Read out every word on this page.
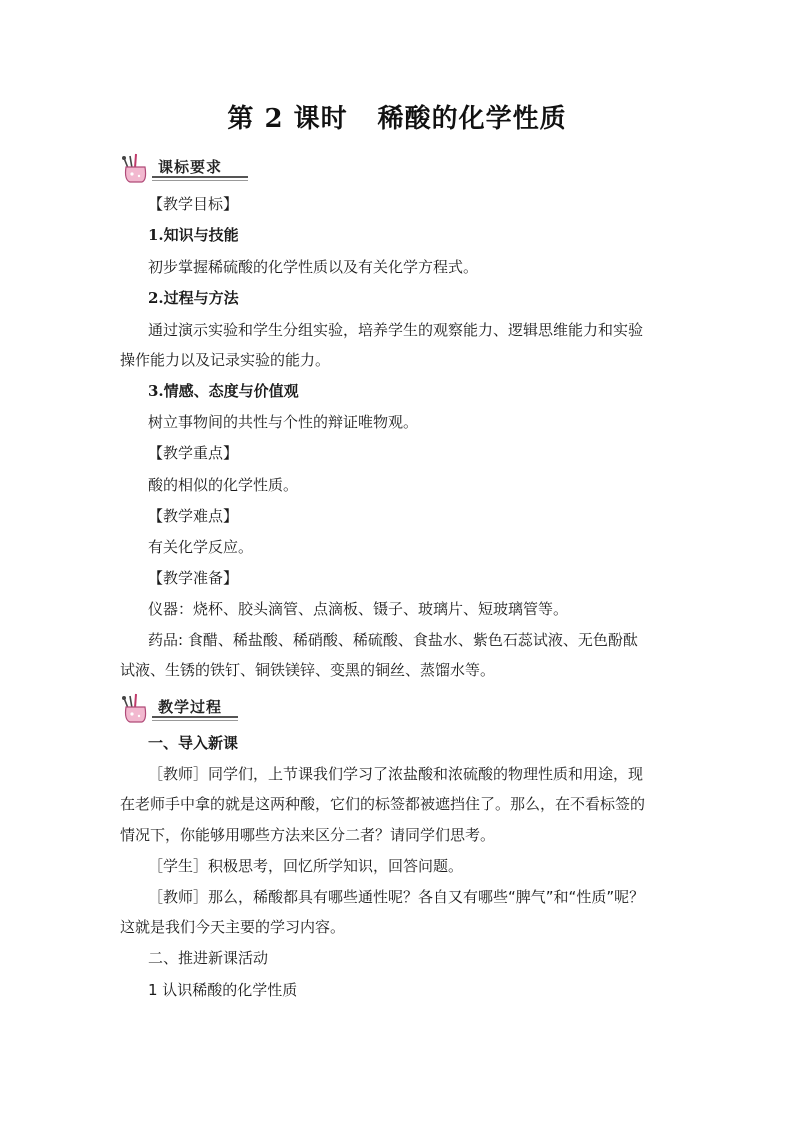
第 2 课时 稀酸的化学性质
课标要求
【教学目标】
1.知识与技能
初步掌握稀硫酸的化学性质以及有关化学方程式。
2.过程与方法
通过演示实验和学生分组实验，培养学生的观察能力、逻辑思维能力和实验
操作能力以及记录实验的能力。
3.情感、态度与价值观
树立事物间的共性与个性的辩证唯物观。
【教学重点】
酸的相似的化学性质。
【教学难点】
有关化学反应。
【教学准备】
仪器：烧杯、胶头滴管、点滴板、镊子、玻璃片、短玻璃管等。
药品: 食醋、稀盐酸、稀硝酸、稀硫酸、食盐水、紫色石蕊试液、无色酚酞
试液、生锈的铁钉、铜铁镁锌、变黑的铜丝、蒸馏水等。
教学过程
一、导入新课
［教师］同学们，上节课我们学习了浓盐酸和浓硫酸的物理性质和用途，现
在老师手中拿的就是这两种酸，它们的标签都被遮挡住了。那么，在不看标签的
情况下，你能够用哪些方法来区分二者？请同学们思考。
［学生］积极思考，回忆所学知识，回答问题。
［教师］那么，稀酸都具有哪些通性呢？各自又有哪些“脾气”和“性质”呢？
这就是我们今天主要的学习内容。
二、推进新课活动
1 认识稀酸的化学性质
